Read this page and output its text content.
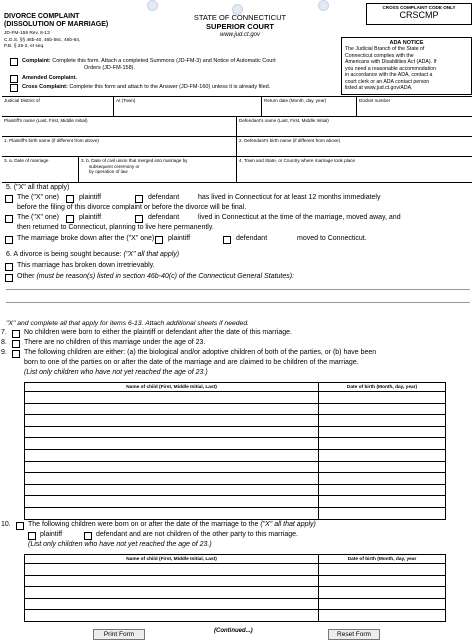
DIVORCE COMPLAINT
(DISSOLUTION OF MARRIAGE)
JD-FM-159 Rev. 8-13
C.G.S. §§ 46b-40, 46b-56c, 46b-84,
P.B. § 25-2, et seq.
STATE OF CONNECTICUT
SUPERIOR COURT
www.jud.ct.gov
CROSS COMPLAINT CODE ONLY
CRSCMP
ADA NOTICE
The Judicial Branch of the State of
Connecticut complies with the
Americans with Disabilities Act (ADA). If
you need a reasonable accommodation
in accordance with the ADA, contact a
court clerk or an ADA contact person
listed at www.jud.ct.gov/ADA.
Complaint: Complete this form. Attach a completed Summons (JD-FM-3) and Notice of Automatic Court
Orders (JD-FM-158).
Amended Complaint.
Cross Complaint: Complete this form and attach to the Answer (JD-FM-160) unless it is already filed.
Judicial District of	At (Town)	Return date (Month, day, year)	Docket number
Plaintiff's name (Last, First, Middle Initial)	Defendant's name (Last, First, Middle Initial)
1. Plaintiff's birth name (if different from above)	2. Defendant's birth name (if different from above)
3. a. Date of marriage	3. b. Date of civil union that merged into marriage by
subsequent ceremony or
by operation of law
4. Town and State, or Country where marriage took place
5. ("X" all that apply)
The ("X" one)	plaintiff	defendant	has lived in Connecticut for at least 12 months immediately
before the filing of this divorce complaint or before the divorce will be final.
The ("X" one)	plaintiff	defendant	lived in Connecticut at the time of the marriage, moved away, and
then returned to Connecticut, planning to live here permanently.
The marriage broke down after the ("X" one) plaintiff	defendant	moved to Connecticut.
6. A divorce is being sought because: ("X" all that apply)
This marriage has broken down irretrievably.
Other (must be reason(s) listed in section 46b-40(c) of the Connecticut General Statutes):
"X" and complete all that apply for items 6-13. Attach additional sheets if needed.
7. No children were born to either the plaintiff or defendant after the date of this marriage.
8. There are no children of this marriage under the age of 23.
9. The following children are either: (a) the biological and/or adoptive children of both of the parties, or (b) have been
born to one of the parties on or after the date of the marriage and are claimed to be children of the marriage.
(List only children who have not yet reached the age of 23.)
Name of child (First, Middle Initial, Last)	Date of birth (Month, day, year)

10. The following children were born on or after the date of the marriage to the ("X" all that apply)
plaintiff	defendant and are not children of the other party to this marriage.
(List only children who have not yet reached the age of 23.)
Name of child (First, Middle Initial, Last)	Date of birth (Month, day, year

Print Form	(Continued...)	Reset Form
